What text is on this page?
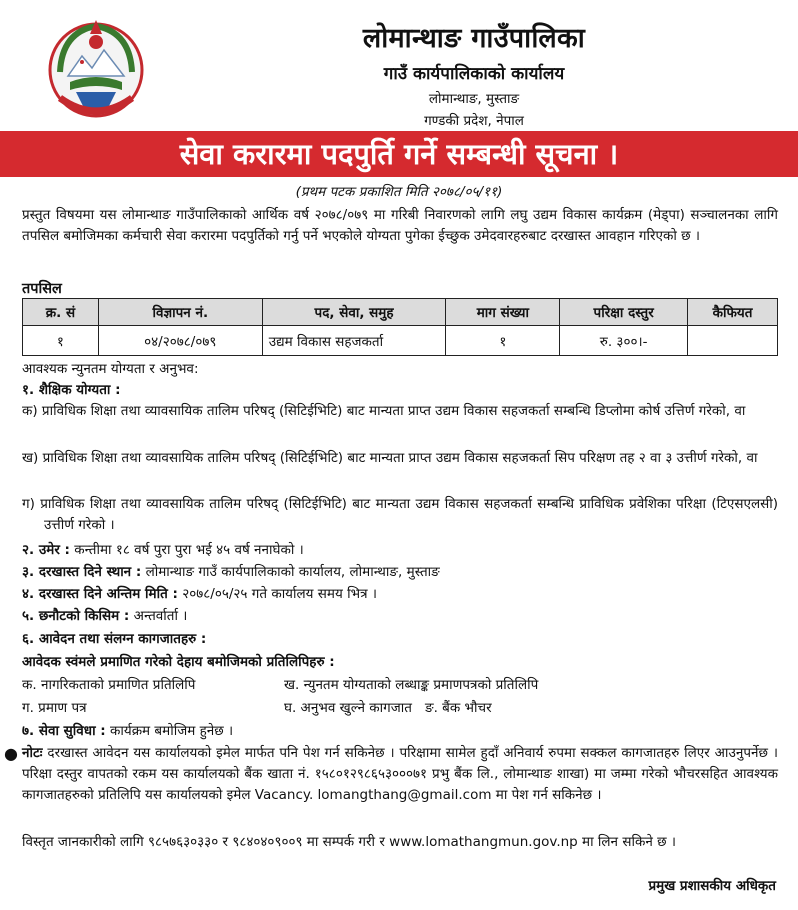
लोमान्थाङ गाउँपालिका
गाउँ कार्यपालिकाको कार्यालय
लोमान्थाङ, मुस्ताङ
गण्डकी प्रदेश, नेपाल
सेवा करारमा पदपुर्ति गर्ने सम्बन्धी सूचना ।
(प्रथम पटक प्रकाशित मिति २०७८/०५/११)
प्रस्तुत विषयमा यस लोमान्थाङ गाउँपालिकाको आर्थिक वर्ष २०७८/०७९ मा गरिबी निवारणको लागि लघु उद्यम विकास कार्यक्रम (मेड्पा) सञ्चालनका लागि तपसिल बमोजिमका कर्मचारी सेवा करारमा पदपुर्तिको गर्नु पर्ने भएकोले योग्यता पुगेका ईच्छुक उमेदवारहरुबाट दरखास्त आवहान गरिएको छ ।
तपसिल
क्र. सं	विज्ञापन नं.	पद, सेवा, समुह	माग संख्या	परिक्षा दस्तुर	कैफियत
१	०४/२०७८/०७९	उद्यम विकास सहजकर्ता	१	रु. ३००।-	
आवश्यक न्युनतम योग्यता र अनुभव:
१. शैक्षिक योग्यता :
क) प्राविधिक शिक्षा तथा व्यावसायिक तालिम परिषद् (सिटिईभिटि) बाट मान्यता प्राप्त उद्यम विकास सहजकर्ता सम्बन्धि डिप्लोमा कोर्ष उत्तिर्ण गरेको, वा
ख) प्राविधिक शिक्षा तथा व्यावसायिक तालिम परिषद् (सिटिईभिटि) बाट मान्यता प्राप्त उद्यम विकास सहजकर्ता सिप परिक्षण तह २ वा ३ उत्तीर्ण गरेको, वा
ग) प्राविधिक शिक्षा तथा व्यावसायिक तालिम परिषद् (सिटिईभिटि) बाट मान्यता उद्यम विकास सहजकर्ता सम्बन्धि प्राविधिक प्रवेशिका परिक्षा (टिएसएलसी) उत्तीर्ण गरेको ।
२. उमेर : कन्तीमा १८ वर्ष पुरा पुरा भई ४५ वर्ष ननाघेको ।
३. दरखास्त दिने स्थान : लोमान्थाङ गाउँ कार्यपालिकाको कार्यालय, लोमान्थाङ, मुस्ताङ
४. दरखास्त दिने अन्तिम मिति : २०७८/०५/२५ गते कार्यालय समय भित्र ।
५. छनौटको किसिम : अन्तर्वार्ता ।
६. आवेदन तथा संलग्न कागजातहरु :
आवेदक स्वंमले प्रमाणित गरेको देहाय बमोजिमको प्रतिलिपिहरु :
क. नागरिकताको प्रमाणित प्रतिलिपि	ख. न्युनतम योग्यताको लब्धाङ्क प्रमाणपत्रको प्रतिलिपि
ग. प्रमाण पत्र	घ. अनुभव खुल्ने कागजात ङ. बैंक भौचर
७. सेवा सुविधा : कार्यक्रम बमोजिम हुनेछ ।
● नोटः दरखास्त आवेदन यस कार्यालयको इमेल मार्फत पनि पेश गर्न सकिनेछ । परिक्षामा सामेल हुदाँ अनिवार्य रुपमा सक्कल कागजातहरु लिएर आउनुपर्नेछ । परिक्षा दस्तुर वापतको रकम यस कार्यालयको बैंक खाता नं. १५८०१२९८६५३०००७१ प्रभु बैंक लि., लोमान्थाङ शाखा) मा जम्मा गरेको भौचरसहित आवश्यक कागजातहरुको प्रतिलिपि यस कार्यालयको इमेल Vacancy. lomangthang@gmail.com मा पेश गर्न सकिनेछ ।
विस्तृत जानकारीको लागि ९८५७६३०३३० र ९८४०४०९००९ मा सम्पर्क गरी र www.lomathangmun.gov.np मा लिन सकिने छ ।
प्रमुख प्रशासकीय अधिकृत
